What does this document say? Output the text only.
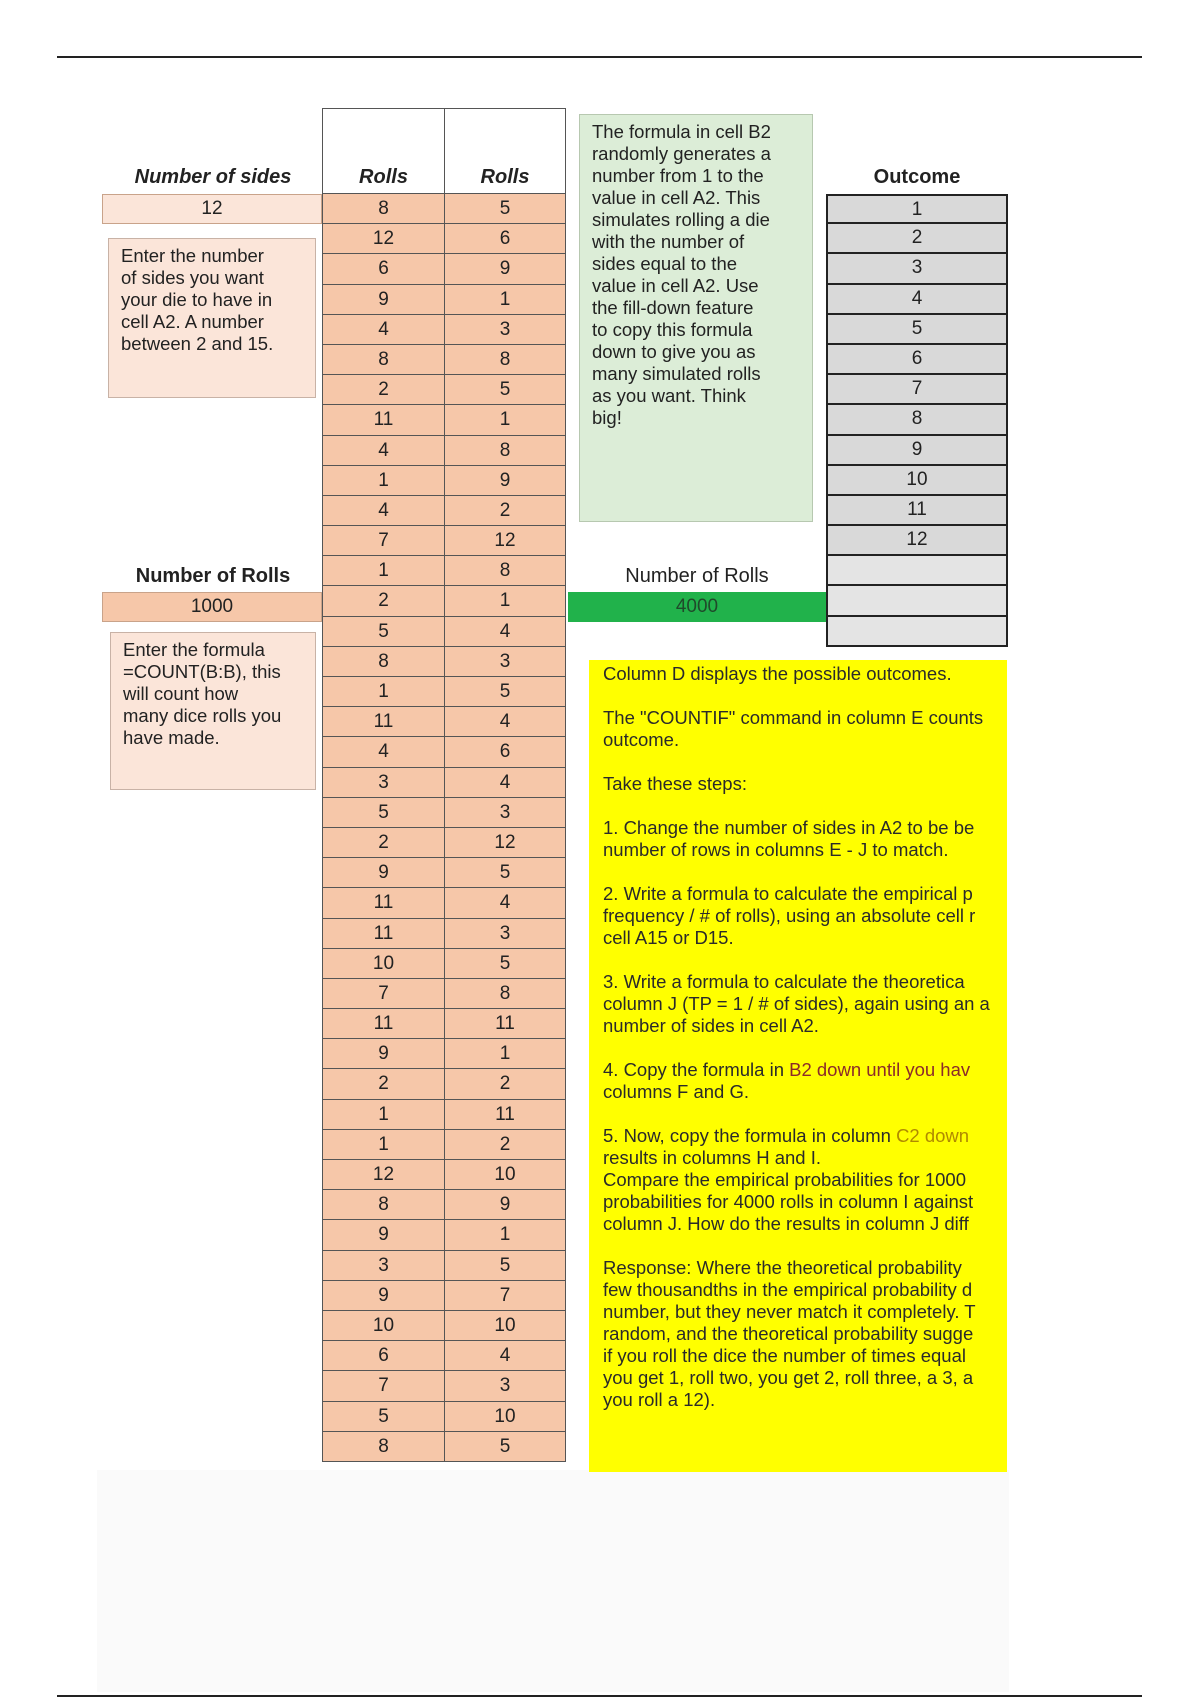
Number of sides
12
Enter the number
of sides you want
your die to have in
cell A2. A number
between 2 and 15.
Number of Rolls
1000
Enter the formula
=COUNT(B:B), this
will count how
many dice rolls you
have made.
Rolls	Rolls
8	5
12	6
6	9
9	1
4	3
8	8
2	5
11	1
4	8
1	9
4	2
7	12
1	8
2	1
5	4
8	3
1	5
11	4
4	6
3	4
5	3
2	12
9	5
11	4
11	3
10	5
7	8
11	11
9	1
2	2
1	11
1	2
12	10
8	9
9	1
3	5
9	7
10	10
6	4
7	3
5	10
8	5
The formula in cell B2
randomly generates a
number from 1 to the
value in cell A2. This
simulates rolling a die
with the number of
sides equal to the
value in cell A2. Use
the fill-down feature
to copy this formula
down to give you as
many simulated rolls
as you want. Think
big!
Outcome
1
2
3
4
5
6
7
8
9
10
11
12
Number of Rolls
4000

Column D displays the possible outcomes.

The "COUNTIF" command in column E counts
outcome.

Take these steps:

1. Change the number of sides in A2 to be be
number of rows in columns E - J to match.

2. Write a formula to calculate the empirical p
frequency / # of rolls), using an absolute cell r
cell A15 or D15.

3. Write a formula to calculate the theoretica
column J (TP = 1 / # of sides), again using an a
number of sides in cell A2.

4. Copy the formula in B2 down until you hav
columns F and G.

5. Now, copy the formula in column C2 down
results in columns H and I.
Compare the empirical probabilities for 1000
probabilities for 4000 rolls in column I against
column J. How do the results in column J diff

Response: Where the theoretical probability
few thousandths in the empirical probability d
number, but they never match it completely. T
random, and the theoretical probability sugge
if you roll the dice the number of times equal
you get 1, roll two, you get 2, roll three, a 3, a
you roll a 12).
